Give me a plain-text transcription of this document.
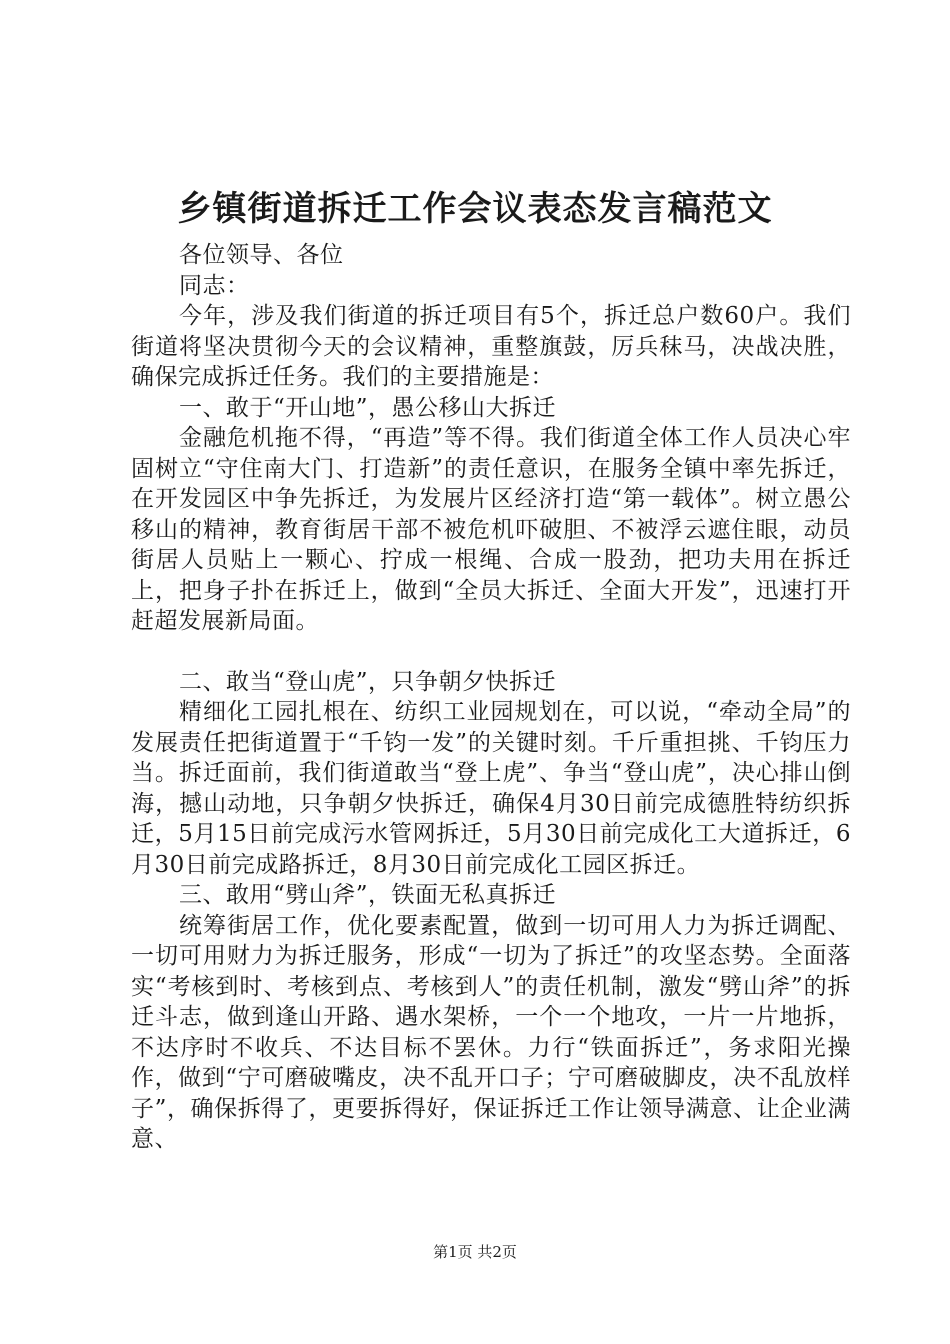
乡镇街道拆迁工作会议表态发言稿范文

各位领导、各位

同志：

今年，涉及我们街道的拆迁项目有5个，拆迁总户数60户。我们街道将坚决贯彻今天的会议精神，重整旗鼓，厉兵秣马，决战决胜，确保完成拆迁任务。我们的主要措施是：

一、敢于“开山地”，愚公移山大拆迁

金融危机拖不得，“再造”等不得。我们街道全体工作人员决心牢固树立“守住南大门、打造新”的责任意识，在服务全镇中率先拆迁，在开发园区中争先拆迁，为发展片区经济打造“第一载体”。树立愚公移山的精神，教育街居干部不被危机吓破胆、不被浮云遮住眼，动员街居人员贴上一颗心、拧成一根绳、合成一股劲，把功夫用在拆迁上，把身子扑在拆迁上，做到“全员大拆迁、全面大开发”，迅速打开赶超发展新局面。

二、敢当“登山虎”，只争朝夕快拆迁

精细化工园扎根在、纺织工业园规划在，可以说，“牵动全局”的发展责任把街道置于“千钧一发”的关键时刻。千斤重担挑、千钧压力当。拆迁面前，我们街道敢当“登上虎”、争当“登山虎”，决心排山倒海，撼山动地，只争朝夕快拆迁，确保4月30日前完成德胜特纺织拆迁，5月15日前完成污水管网拆迁，5月30日前完成化工大道拆迁，6月30日前完成路拆迁，8月30日前完成化工园区拆迁。

三、敢用“劈山斧”，铁面无私真拆迁

统筹街居工作，优化要素配置，做到一切可用人力为拆迁调配、一切可用财力为拆迁服务，形成“一切为了拆迁”的攻坚态势。全面落实“考核到时、考核到点、考核到人”的责任机制，激发“劈山斧”的拆迁斗志，做到逢山开路、遇水架桥，一个一个地攻，一片一片地拆，不达序时不收兵、不达目标不罢休。力行“铁面拆迁”，务求阳光操作，做到“宁可磨破嘴皮，决不乱开口子；宁可磨破脚皮，决不乱放样子”，确保拆得了，更要拆得好，保证拆迁工作让领导满意、让企业满意、

第1页 共2页
